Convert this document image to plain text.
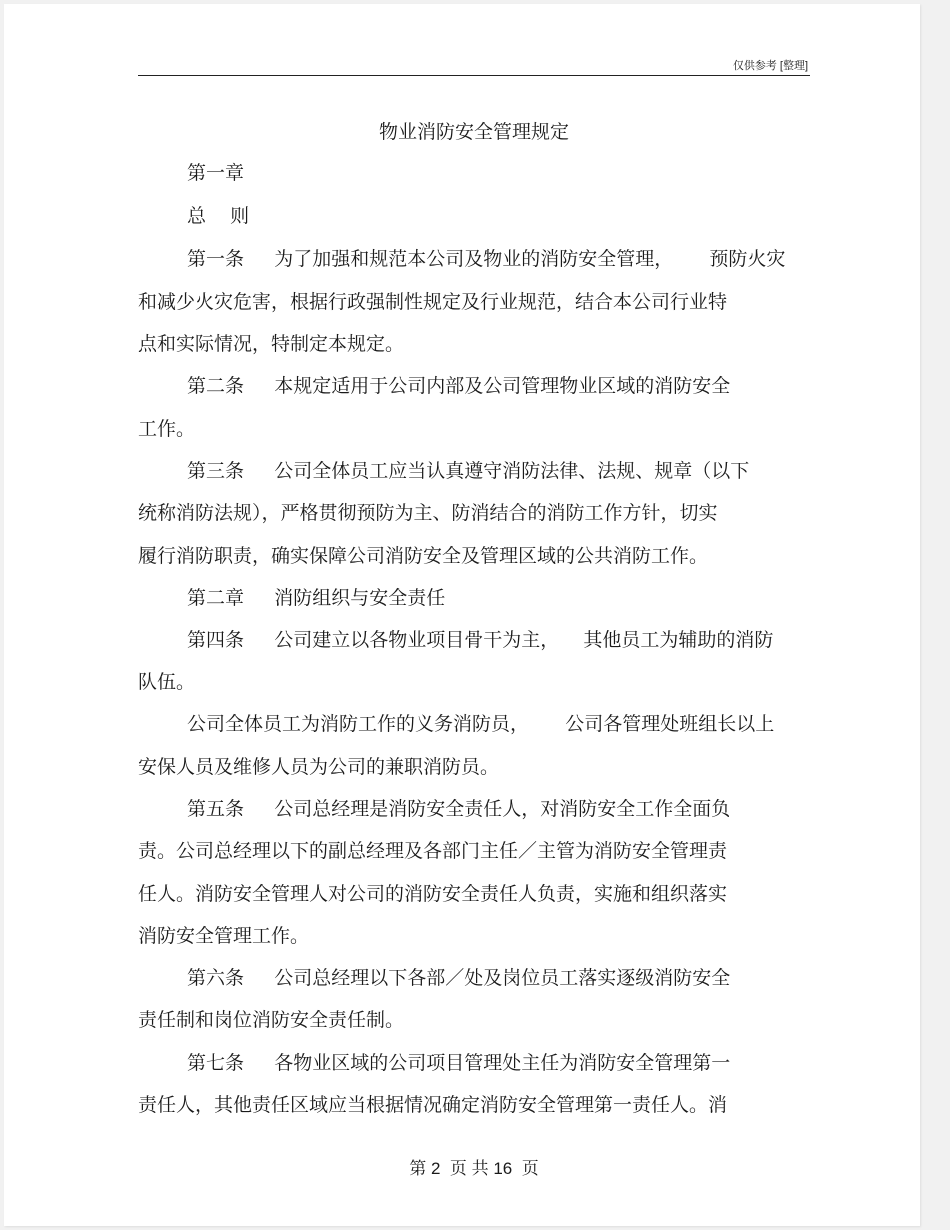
仅供参考 [整理]
物业消防安全管理规定
第一章
总    则
第一条     为了加强和规范本公司及物业的消防安全管理，      预防火灾
和减少火灾危害，根据行政强制性规定及行业规范，结合本公司行业特
点和实际情况，特制定本规定。
第二条     本规定适用于公司内部及公司管理物业区域的消防安全
工作。
第三条     公司全体员工应当认真遵守消防法律、法规、规章（以下
统称消防法规），严格贯彻预防为主、防消结合的消防工作方针，切实
履行消防职责，确实保障公司消防安全及管理区域的公共消防工作。
第二章     消防组织与安全责任
第四条     公司建立以各物业项目骨干为主，    其他员工为辅助的消防
队伍。
公司全体员工为消防工作的义务消防员，      公司各管理处班组长以上
安保人员及维修人员为公司的兼职消防员。
第五条     公司总经理是消防安全责任人，对消防安全工作全面负
责。公司总经理以下的副总经理及各部门主任／主管为消防安全管理责
任人。消防安全管理人对公司的消防安全责任人负责，实施和组织落实
消防安全管理工作。
第六条     公司总经理以下各部／处及岗位员工落实逐级消防安全
责任制和岗位消防安全责任制。
第七条     各物业区域的公司项目管理处主任为消防安全管理第一
责任人，其他责任区域应当根据情况确定消防安全管理第一责任人。消
第 2  页 共 16  页
